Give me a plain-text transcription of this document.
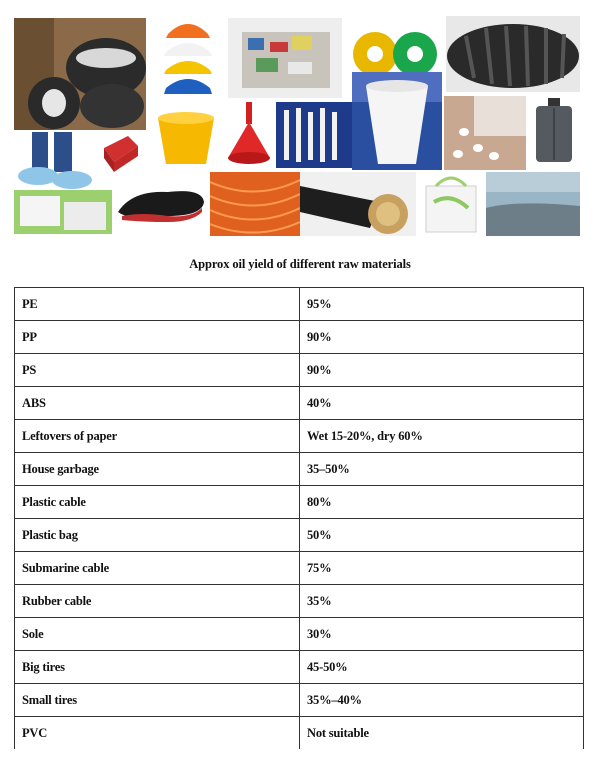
Approx oil yield of different raw materials
PE	95%
PP	90%
PS	90%
ABS	40%
Leftovers of paper	Wet 15-20%, dry 60%
House garbage	35–50%
Plastic cable	80%
Plastic bag	50%
Submarine cable	75%
Rubber cable	35%
Sole	30%
Big tires	45-50%
Small tires	35%–40%
PVC	Not suitable
